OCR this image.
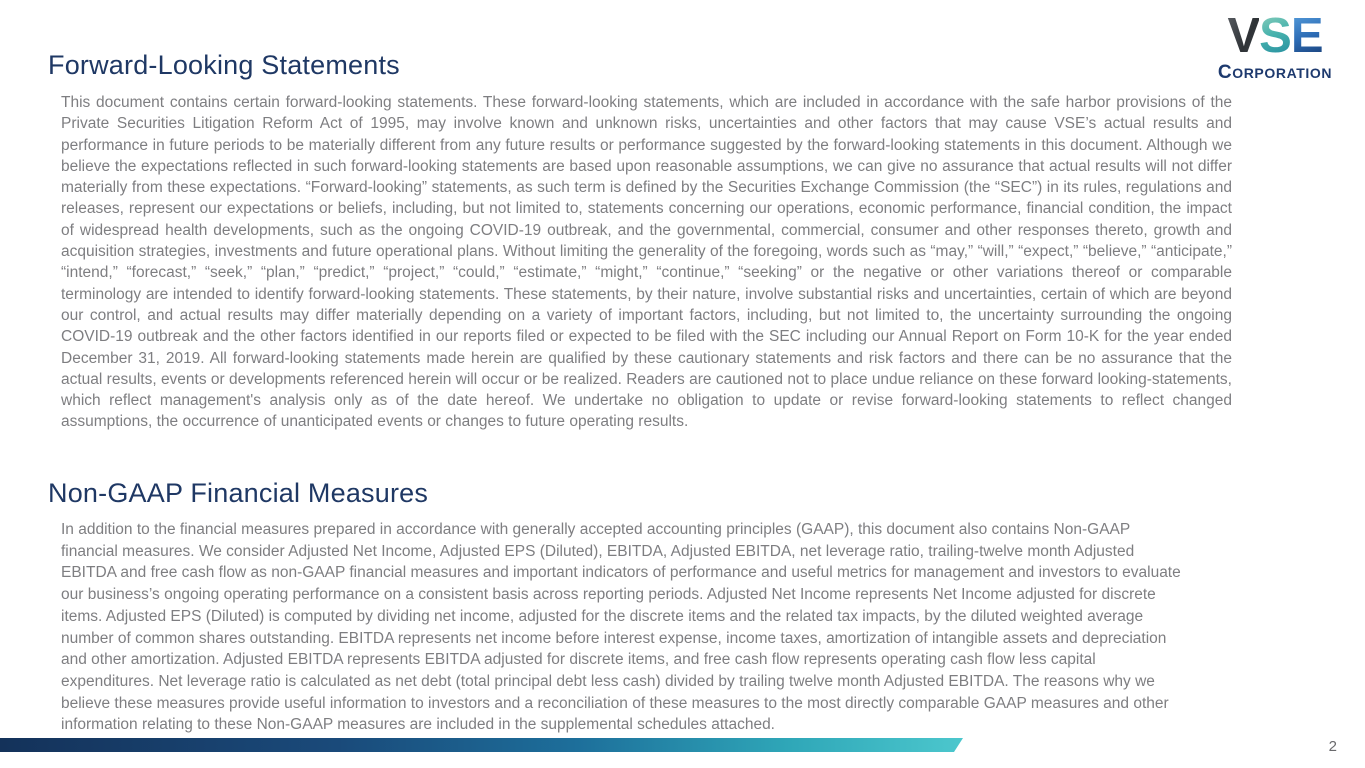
VSE
CORPORATION
Forward-Looking Statements

This document contains certain forward-looking statements. These forward-looking statements, which are included in accordance with the safe harbor provisions of the Private Securities Litigation Reform Act of 1995, may involve known and unknown risks, uncertainties and other factors that may cause VSE’s actual results and performance in future periods to be materially different from any future results or performance suggested by the forward-looking statements in this document. Although we believe the expectations reflected in such forward-looking statements are based upon reasonable assumptions, we can give no assurance that actual results will not differ materially from these expectations. “Forward-looking” statements, as such term is defined by the Securities Exchange Commission (the “SEC”) in its rules, regulations and releases, represent our expectations or beliefs, including, but not limited to, statements concerning our operations, economic performance, financial condition, the impact of widespread health developments, such as the ongoing COVID-19 outbreak, and the governmental, commercial, consumer and other responses thereto, growth and acquisition strategies, investments and future operational plans. Without limiting the generality of the foregoing, words such as “may,” “will,” “expect,” “believe,” “anticipate,” “intend,” “forecast,” “seek,” “plan,” “predict,” “project,” “could,” “estimate,” “might,” “continue,” “seeking” or the negative or other variations thereof or comparable terminology are intended to identify forward-looking statements. These statements, by their nature, involve substantial risks and uncertainties, certain of which are beyond our control, and actual results may differ materially depending on a variety of important factors, including, but not limited to, the uncertainty surrounding the ongoing COVID-19 outbreak and the other factors identified in our reports filed or expected to be filed with the SEC including our Annual Report on Form 10-K for the year ended December 31, 2019. All forward-looking statements made herein are qualified by these cautionary statements and risk factors and there can be no assurance that the actual results, events or developments referenced herein will occur or be realized. Readers are cautioned not to place undue reliance on these forward looking-statements, which reflect management's analysis only as of the date hereof. We undertake no obligation to update or revise forward-looking statements to reflect changed assumptions, the occurrence of unanticipated events or changes to future operating results.

Non-GAAP Financial Measures

In addition to the financial measures prepared in accordance with generally accepted accounting principles (GAAP), this document also contains Non-GAAP financial measures. We consider Adjusted Net Income, Adjusted EPS (Diluted), EBITDA, Adjusted EBITDA, net leverage ratio, trailing-twelve month Adjusted EBITDA and free cash flow as non-GAAP financial measures and important indicators of performance and useful metrics for management and investors to evaluate our business’s ongoing operating performance on a consistent basis across reporting periods. Adjusted Net Income represents Net Income adjusted for discrete items. Adjusted EPS (Diluted) is computed by dividing net income, adjusted for the discrete items and the related tax impacts, by the diluted weighted average number of common shares outstanding. EBITDA represents net income before interest expense, income taxes, amortization of intangible assets and depreciation and other amortization. Adjusted EBITDA represents EBITDA adjusted for discrete items, and free cash flow represents operating cash flow less capital expenditures. Net leverage ratio is calculated as net debt (total principal debt less cash) divided by trailing twelve month Adjusted EBITDA. The reasons why we believe these measures provide useful information to investors and a reconciliation of these measures to the most directly comparable GAAP measures and other information relating to these Non-GAAP measures are included in the supplemental schedules attached.

2
